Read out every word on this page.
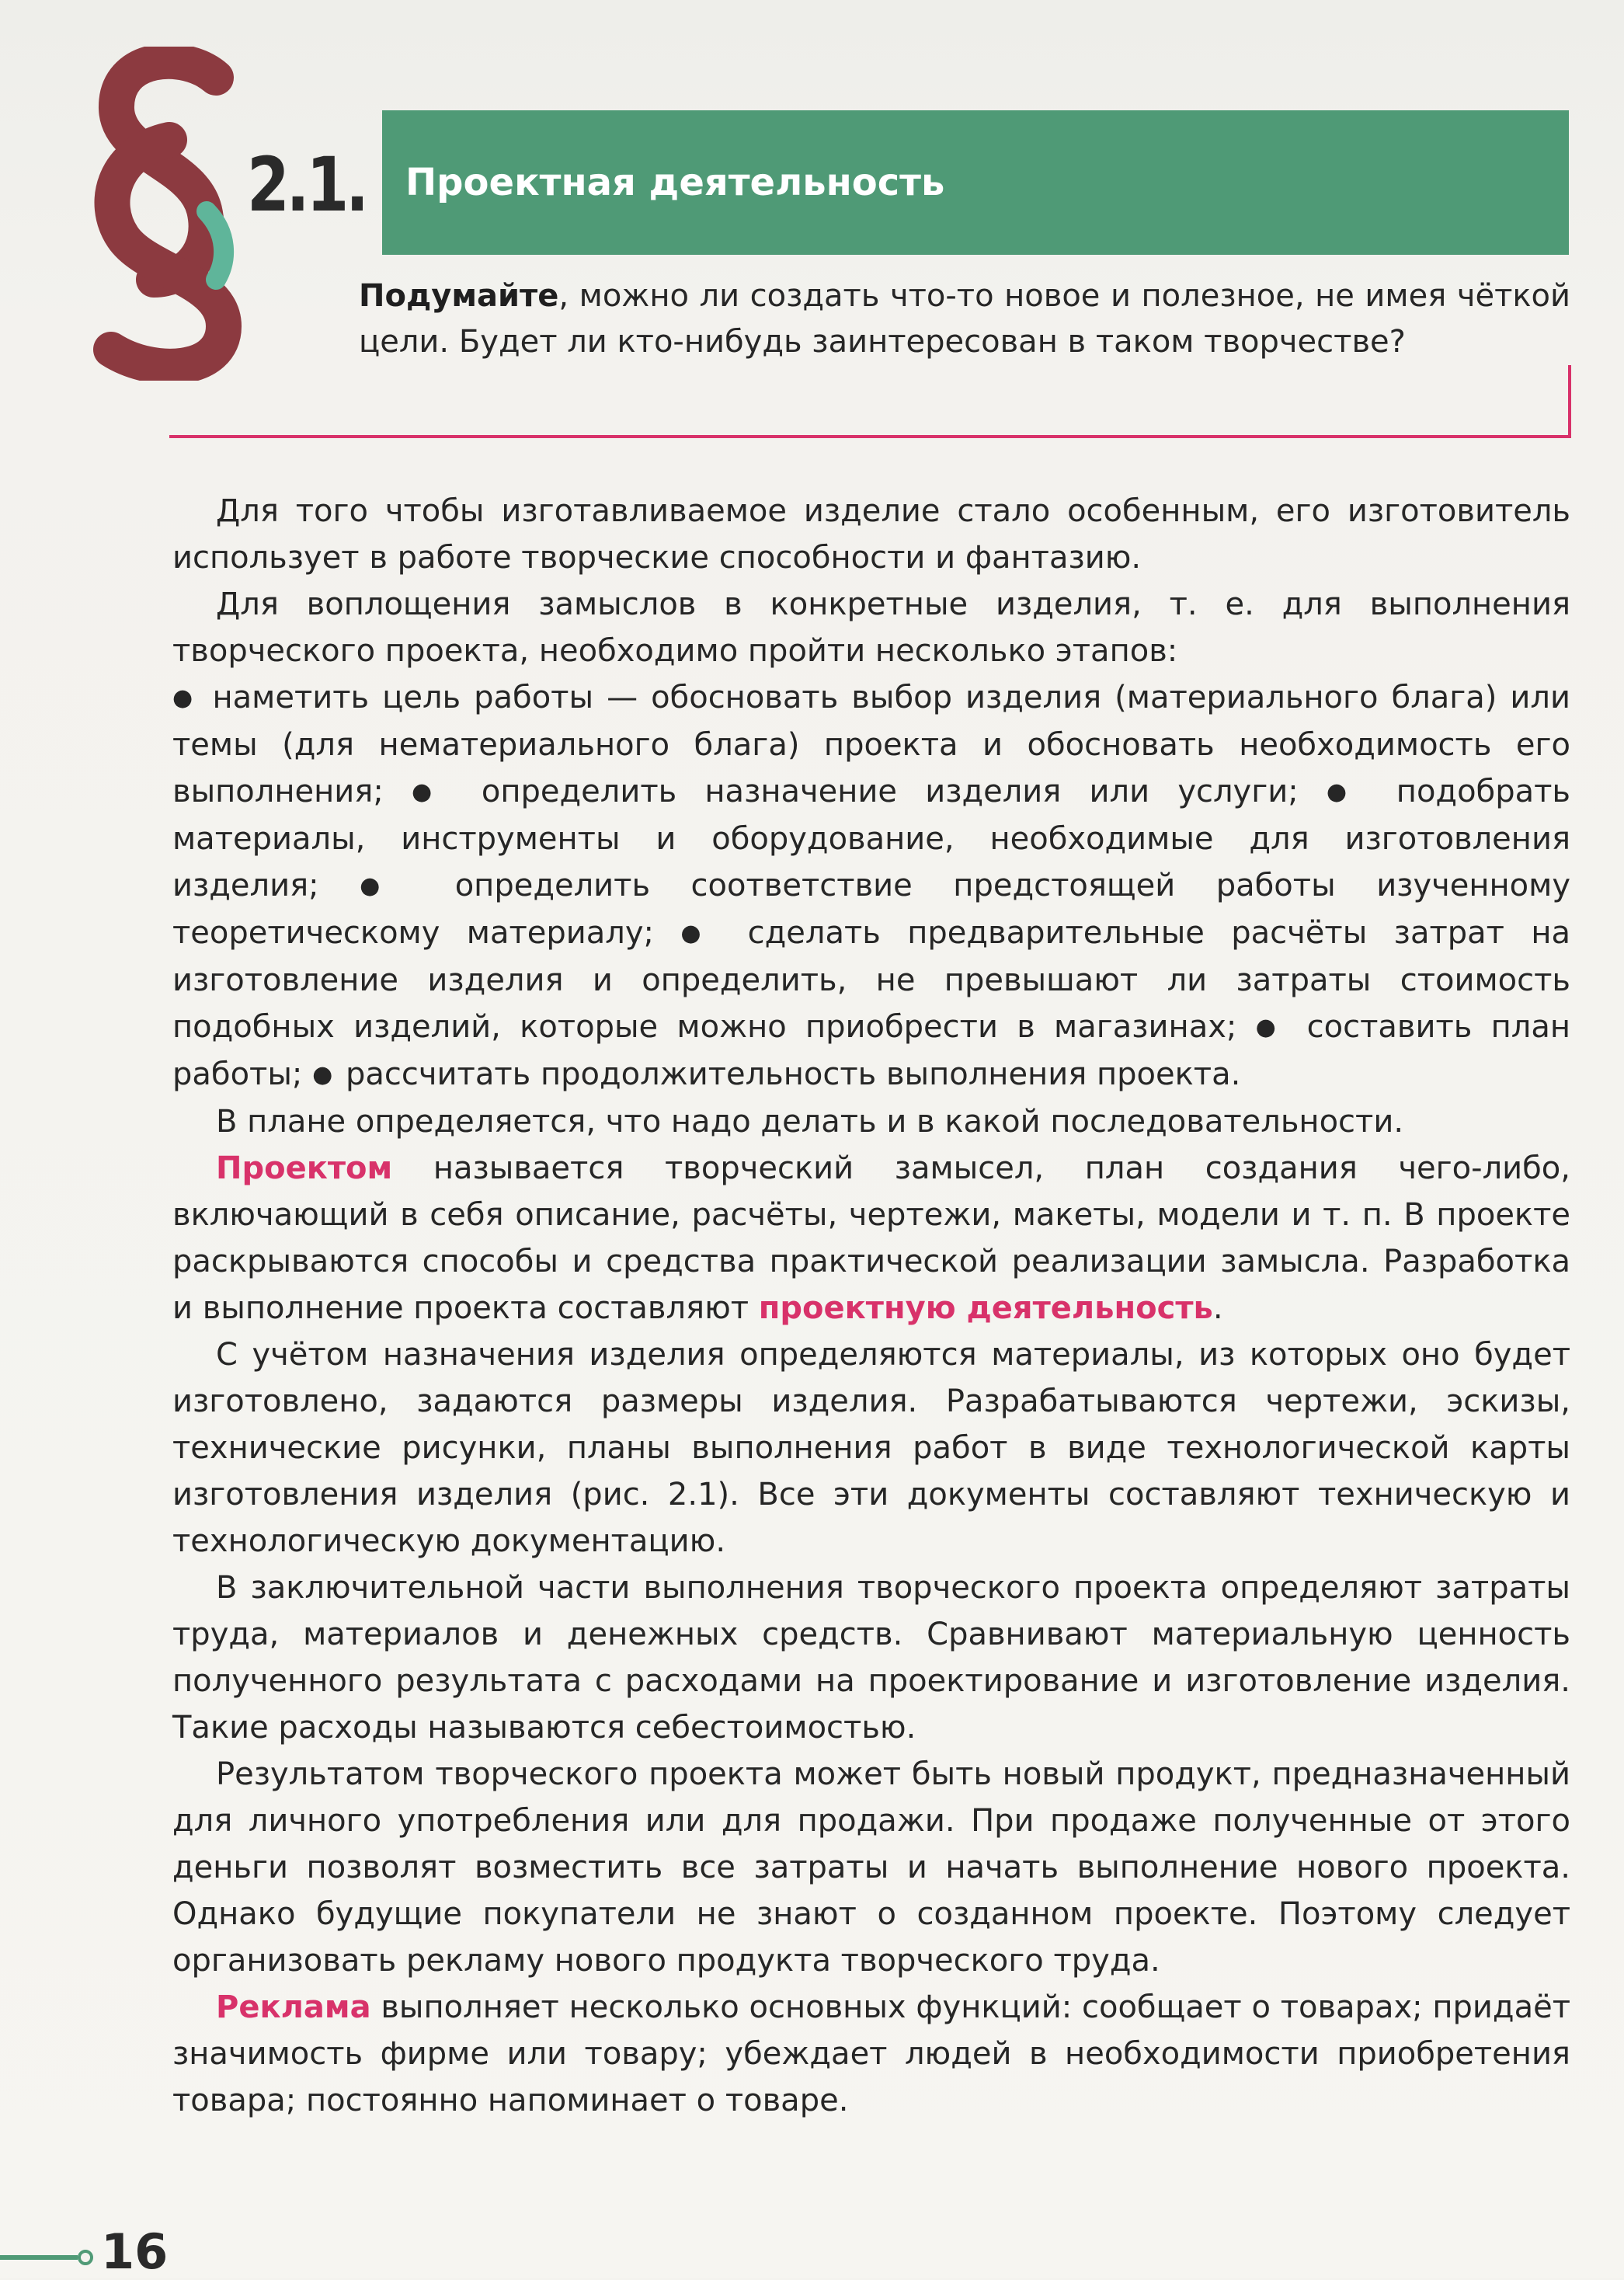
2.1. Проектная деятельность
Подумайте, можно ли создать что-то новое и полезное, не имея чёткой цели. Будет ли кто-нибудь заинтересован в таком творчестве?

Для того чтобы изготавливаемое изделие стало особенным, его изготовитель использует в работе творческие способности и фантазию.

Для воплощения замыслов в конкретные изделия, т. е. для выполнения творческого проекта, необходимо пройти несколько этапов:

● наметить цель работы — обосновать выбор изделия (материального блага) или темы (для нематериального блага) проекта и обосновать необходимость его выполнения; ● определить назначение изделия или услуги; ● подобрать материалы, инструменты и оборудование, необходимые для изготовления изделия; ● определить соответствие предстоящей работы изученному теоретическому материалу; ● сделать предварительные расчёты затрат на изготовление изделия и определить, не превышают ли затраты стоимость подобных изделий, которые можно приобрести в магазинах; ● составить план работы; ● рассчитать продолжительность выполнения проекта.

В плане определяется, что надо делать и в какой последовательности.

Проектом называется творческий замысел, план создания чего-либо, включающий в себя описание, расчёты, чертежи, макеты, модели и т. п. В проекте раскрываются способы и средства практической реализации замысла. Разработка и выполнение проекта составляют проектную деятельность.

С учётом назначения изделия определяются материалы, из которых оно будет изготовлено, задаются размеры изделия. Разрабатываются чертежи, эскизы, технические рисунки, планы выполнения работ в виде технологической карты изготовления изделия (рис. 2.1). Все эти документы составляют техническую и технологическую документацию.

В заключительной части выполнения творческого проекта определяют затраты труда, материалов и денежных средств. Сравнивают материальную ценность полученного результата с расходами на проектирование и изготовление изделия. Такие расходы называются себестоимостью.

Результатом творческого проекта может быть новый продукт, предназначенный для личного употребления или для продажи. При продаже полученные от этого деньги позволят возместить все затраты и начать выполнение нового проекта. Однако будущие покупатели не знают о созданном проекте. Поэтому следует организовать рекламу нового продукта творческого труда.

Реклама выполняет несколько основных функций: сообщает о товарах; придаёт значимость фирме или товару; убеждает людей в необходимости приобретения товара; постоянно напоминает о товаре.

16
